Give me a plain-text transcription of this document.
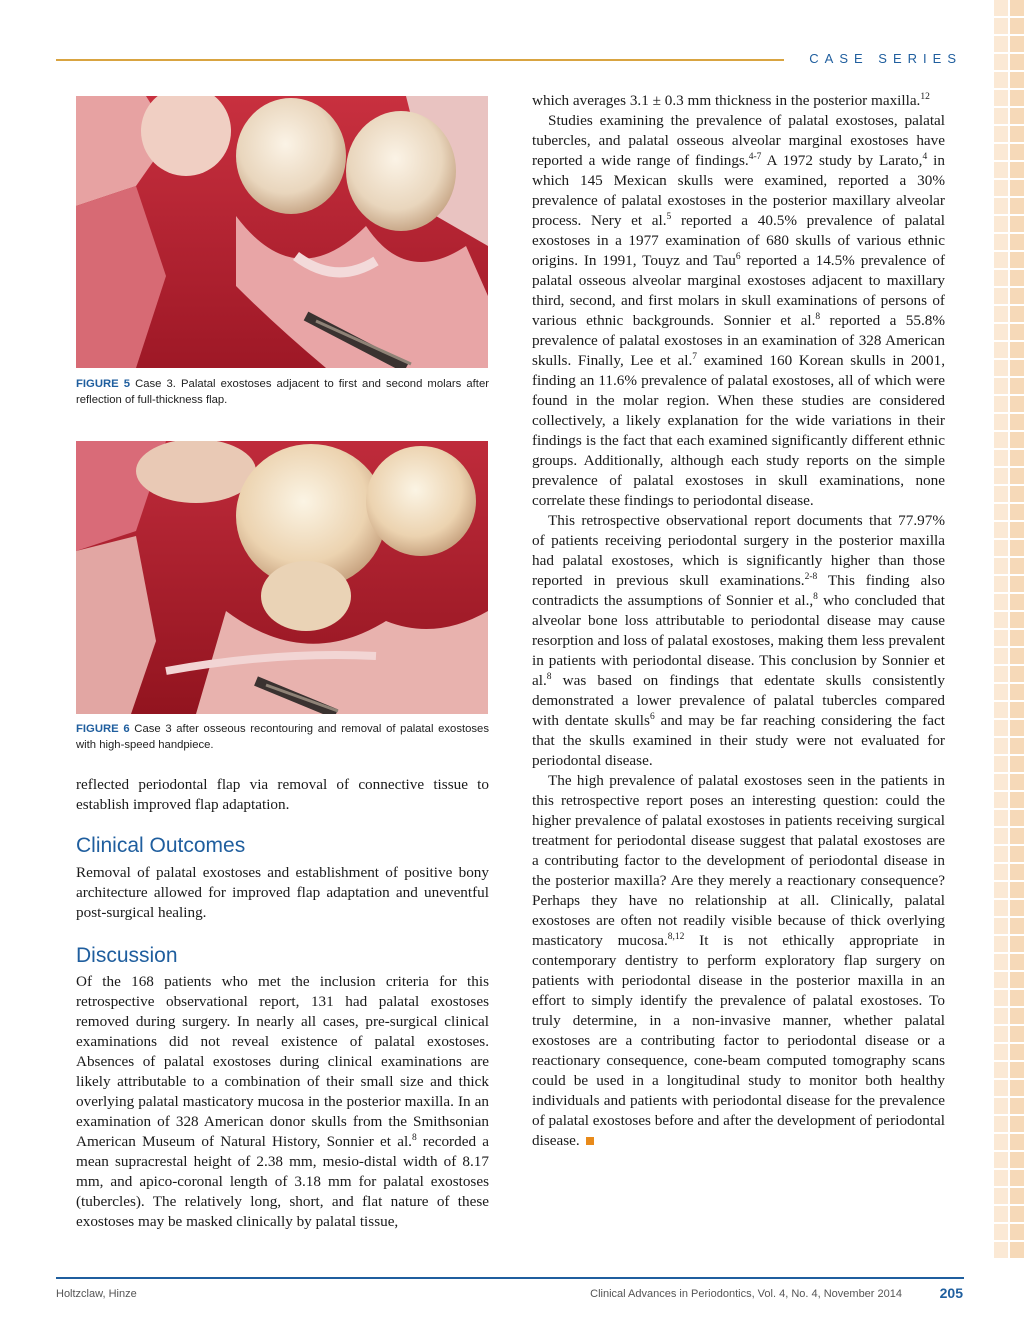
CASE SERIES
FIGURE 5 Case 3. Palatal exostoses adjacent to first and second molars after reflection of full-thickness flap.
FIGURE 6 Case 3 after osseous recontouring and removal of palatal exostoses with high-speed handpiece.

reflected periodontal flap via removal of connective tissue to establish improved flap adaptation.

Clinical Outcomes

Removal of palatal exostoses and establishment of positive bony architecture allowed for improved flap adaptation and uneventful post-surgical healing.

Discussion

Of the 168 patients who met the inclusion criteria for this retrospective observational report, 131 had palatal exostoses removed during surgery. In nearly all cases, pre-surgical clinical examinations did not reveal existence of palatal exostoses. Absences of palatal exostoses during clinical examinations are likely attributable to a combination of their small size and thick overlying palatal masticatory mucosa in the posterior maxilla. In an examination of 328 American donor skulls from the Smithsonian American Museum of Natural History, Sonnier et al.$^8$ recorded a mean supracrestal height of 2.38 mm, mesio-distal width of 8.17 mm, and apico-coronal length of 3.18 mm for palatal exostoses (tubercles). The relatively long, short, and flat nature of these exostoses may be masked clinically by palatal tissue,

which averages 3.1 ± 0.3 mm thickness in the posterior maxilla.$^{12}$

Studies examining the prevalence of palatal exostoses, palatal tubercles, and palatal osseous alveolar marginal exostoses have reported a wide range of findings.$^{4-7}$ A 1972 study by Larato,$^4$ in which 145 Mexican skulls were examined, reported a 30% prevalence of palatal exostoses in the posterior maxillary alveolar process. Nery et al.$^5$ reported a 40.5% prevalence of palatal exostoses in a 1977 examination of 680 skulls of various ethnic origins. In 1991, Touyz and Tau$^6$ reported a 14.5% prevalence of palatal osseous alveolar marginal exostoses adjacent to maxillary third, second, and first molars in skull examinations of persons of various ethnic backgrounds. Sonnier et al.$^8$ reported a 55.8% prevalence of palatal exostoses in an examination of 328 American skulls. Finally, Lee et al.$^7$ examined 160 Korean skulls in 2001, finding an 11.6% prevalence of palatal exostoses, all of which were found in the molar region. When these studies are considered collectively, a likely explanation for the wide variations in their findings is the fact that each examined significantly different ethnic groups. Additionally, although each study reports on the simple prevalence of palatal exostoses in skull examinations, none correlate these findings to periodontal disease.

This retrospective observational report documents that 77.97% of patients receiving periodontal surgery in the posterior maxilla had palatal exostoses, which is significantly higher than those reported in previous skull examinations.$^{2-8}$ This finding also contradicts the assumptions of Sonnier et al.,$^8$ who concluded that alveolar bone loss attributable to periodontal disease may cause resorption and loss of palatal exostoses, making them less prevalent in patients with periodontal disease. This conclusion by Sonnier et al.$^8$ was based on findings that edentate skulls consistently demonstrated a lower prevalence of palatal tubercles compared with dentate skulls$^6$ and may be far reaching considering the fact that the skulls examined in their study were not evaluated for periodontal disease.

The high prevalence of palatal exostoses seen in the patients in this retrospective report poses an interesting question: could the higher prevalence of palatal exostoses in patients receiving surgical treatment for periodontal disease suggest that palatal exostoses are a contributing factor to the development of periodontal disease in the posterior maxilla? Are they merely a reactionary consequence? Perhaps they have no relationship at all. Clinically, palatal exostoses are often not readily visible because of thick overlying masticatory mucosa.$^{8,12}$ It is not ethically appropriate in contemporary dentistry to perform exploratory flap surgery on patients with periodontal disease in the posterior maxilla in an effort to simply identify the prevalence of palatal exostoses. To truly determine, in a non-invasive manner, whether palatal exostoses are a contributing factor to periodontal disease or a reactionary consequence, cone-beam computed tomography scans could be used in a longitudinal study to monitor both healthy individuals and patients with periodontal disease for the prevalence of palatal exostoses before and after the development of periodontal disease.

Holtzclaw, Hinze	Clinical Advances in Periodontics, Vol. 4, No. 4, November 2014	205
